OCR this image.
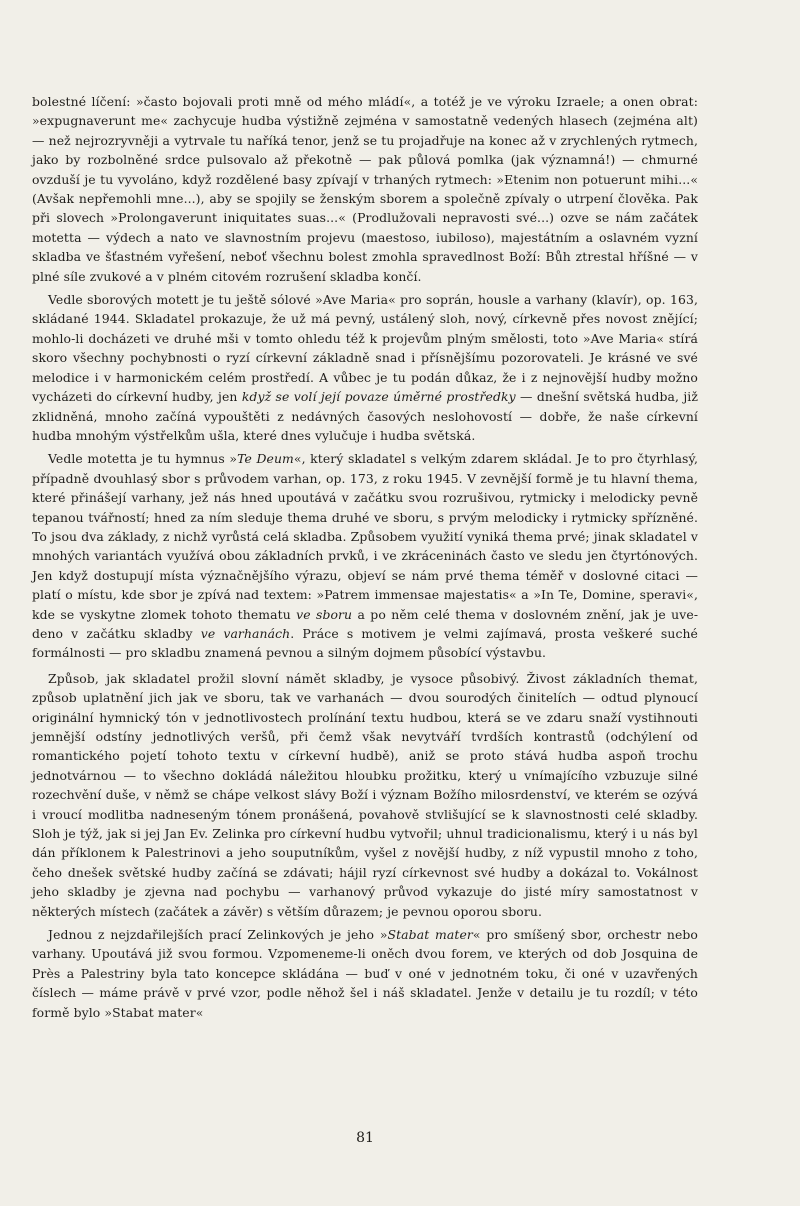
bolestné líčení: »často bojovali proti mně od mého mládí«, a totéž je ve výroku Izraele; a onen obrat: »expugnaverunt me« zachycuje hudba výstižně zejména v samostatně vedených hlasech (zejména alt) — než nejrozryvněji a vytrvale tu naříká tenor, jenž se tu projadřuje na konec až v zrychlených rytmech, jako by rozbolněné srdce pulsovalo až překotně — pak půlová pomlka (jak významná!) — chmurné ovzduší je tu vyvoláno, když rozdělené basy zpívají v trhaných rytmech: »Etenim non potuerunt mihi...« (Avšak nepřemohli mne...), aby se spojily se ženským sborem a společně zpívaly o utrpení člověka. Pak při slovech »Prolongaverunt iniquitates suas...« (Prodlužovali nepravosti své...) ozve se nám začátek motetta — výdech a nato ve slavnostním projevu (maestoso, iubiloso), majestátním a oslavném vyzní skladba ve šťastném vyřešení, neboť všechnu bolest zmohla spravedlnost Boží: Bůh ztrestal hříšné — v plné síle zvukové a v plném citovém rozrušení skladba končí.

Vedle sborových motett je tu ještě sólové »Ave Maria« pro soprán, housle a varhany (klavír), op. 163, skládané 1944. Skladatel prokazuje, že už má pevný, ustálený sloh, nový, církevně přes novost znějící; mohlo-li docházeti ve druhé mši v tomto ohledu též k projevům plným smělosti, toto »Ave Maria« stírá skoro všechny pochybnosti o ryzí církevní základně snad i přísnějšímu pozorovateli. Je krásné ve své melodice i v harmonickém celém prostředí. A vůbec je tu podán důkaz, že i z nejnovější hudby možno vycházeti do církevní hudby, jen když se volí její povaze úměrné prostředky — dnešní světská hudba, již zklidněná, mnoho začíná vypouštěti z nedávných časových neslohovostí — dobře, že naše církevní hudba mnohým výstřelkům ušla, které dnes vylučuje i hudba světská.

Vedle motetta je tu hymnus »Te Deum«, který skladatel s velkým zdarem skládal. Je to pro čtyrhlasý, případně dvouhlasý sbor s průvodem varhan, op. 173, z roku 1945. V zevnější formě je tu hlavní thema, které přinášejí varhany, jež nás hned upoutává v začátku svou rozrušivou, rytmicky i melodicky pevně tepanou tvářností; hned za ním sleduje thema druhé ve sboru, s prvým melodicky i rytmicky spřízněné. To jsou dva základy, z nichž vyrůstá celá skladba. Způsobem využití vyniká thema prvé; jinak skladatel v mnohých variantách využívá obou základních prvků, i ve zkráceninách často ve sledu jen čtyrtónových. Jen když dostupují místa význačnějšího výrazu, objeví se nám prvé thema téměř v doslovné citaci — platí o místu, kde sbor je zpívá nad textem: »Patrem immensae majestatis« a »In Te, Domine, speravi«, kde se vyskytne zlomek tohoto thematu ve sboru a po něm celé thema v doslovném znění, jak je uvedeno v začátku skladby ve varhanách. Práce s motivem je velmi zajímavá, prosta veškeré suché formálnosti — pro skladbu znamená pevnou a silným dojmem působící výstavbu.

Způsob, jak skladatel prožil slovní námět skladby, je vysoce působivý. Živost základních themat, způsob uplatnění jich jak ve sboru, tak ve varhanách — dvou sourodých činitelích — odtud plynoucí originální hymnický tón v jednotlivostech prolínání textu hudbou, která se ve zdaru snaží vystihnouti jemnější odstíny jednotlivých veršů, při čemž však nevytváří tvrdších kontrastů (odchýlení od romantického pojetí tohoto textu v církevní hudbě), aniž se proto stává hudba aspoň trochu jednotvárnou — to všechno dokládá náležitou hloubku prožitku, který u vnímajícího vzbuzuje silné rozechvění duše, v němž se chápe velkost slávy Boží i význam Božího milosrdenství, ve kterém se ozývá i vroucí modlitba nadneseným tónem pronášená, povahově stvlišující se k slavnostnosti celé skladby. Sloh je týž, jak si jej Jan Ev. Zelinka pro církevní hudbu vytvořil; uhnul tradicionalismu, který i u nás byl dán příklonem k Palestrinovi a jeho souputníkům, vyšel z novější hudby, z níž vypustil mnoho z toho, čeho dnešek světské hudby začíná se zdávati; hájil ryzí církevnost své hudby a dokázal to. Vokálnost jeho skladby je zjevna nad pochybu — varhanový průvod vykazuje do jisté míry samostatnost v některých místech (začátek a závěr) s větším důrazem; je pevnou oporou sboru.

Jednou z nejzdařilejších prací Zelinkových je jeho »Stabat mater« pro smíšený sbor, orchestr nebo varhany. Upoutává již svou formou. Vzpomeneme-li oněch dvou forem, ve kterých od dob Josquina de Près a Palestriny byla tato koncepce skládána — buď v oné v jednotném toku, či oné v uzavřených číslech — máme právě v prvé vzor, podle něhož šel i náš skladatel. Jenže v detailu je tu rozdíl; v této formě bylo »Stabat mater«

81
